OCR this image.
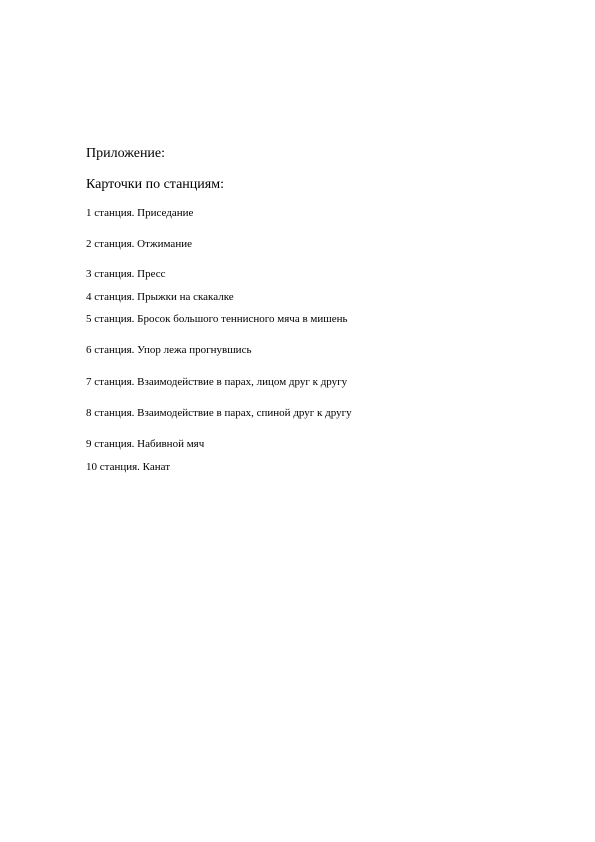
Приложение:
Карточки по станциям:
1 станция. Приседание
2 станция. Отжимание
3 станция. Пресс
4 станция. Прыжки на скакалке
5 станция. Бросок большого теннисного мяча в мишень
6 станция. Упор лежа прогнувшись
7 станция. Взаимодействие в парах, лицом друг к другу
8 станция. Взаимодействие в парах, спиной друг к другу
9 станция. Набивной мяч
10 станция. Канат
